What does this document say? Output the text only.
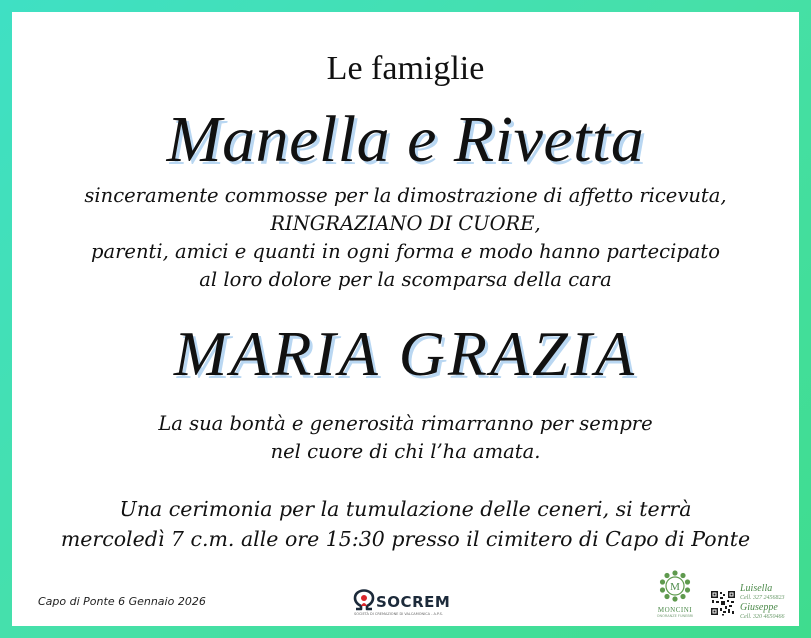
Le famiglie
Manella e Rivetta
sinceramente commosse per la dimostrazione di affetto ricevuta,
RINGRAZIANO DI CUORE,
parenti, amici e quanti in ogni forma e modo hanno partecipato
al loro dolore per la scomparsa della cara
MARIA GRAZIA
La sua bontà e generosità rimarranno per sempre
nel cuore di chi l’ha amata.
Una cerimonia per la tumulazione delle ceneri, si terrà
mercoledì 7 c.m. alle ore 15:30 presso il cimitero di Capo di Ponte
Capo di Ponte 6 Gennaio 2026	SOCREM
SOCIETÀ DI CREMAZIONE DI VALCAMONICA - A.P.S.
M
MONCINI
ONORANZE FUNEBRI
Luisella
Cell. 327 2456823
Giuseppe
Cell. 320 4650466
